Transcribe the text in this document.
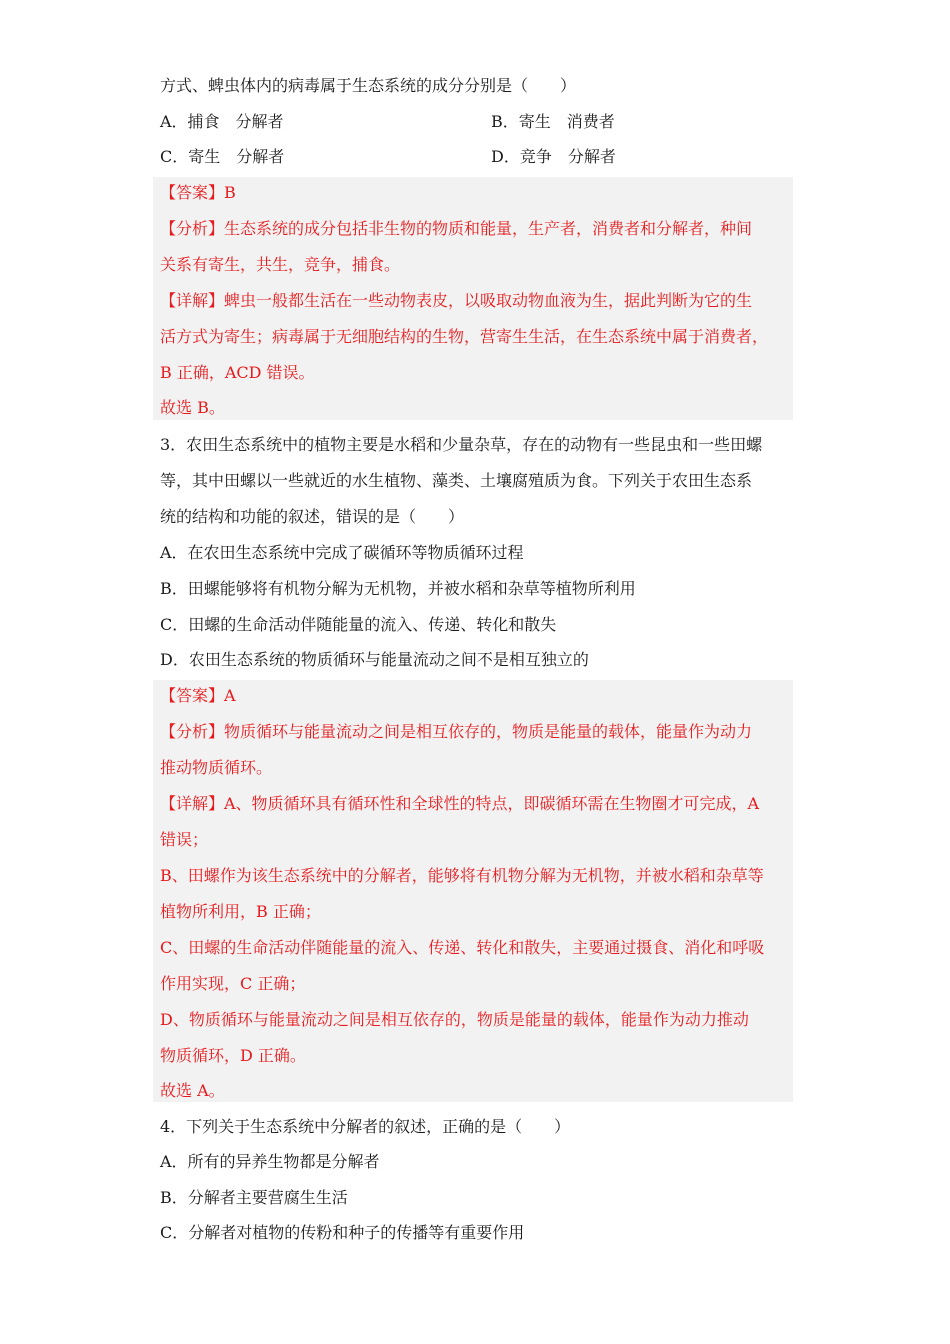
方式、蜱虫体内的病毒属于生态系统的成分分别是（　　）
A．捕食　分解者	B．寄生　消费者
C．寄生　分解者	D．竞争　分解者
【答案】B
【分析】生态系统的成分包括非生物的物质和能量，生产者，消费者和分解者，种间
关系有寄生，共生，竞争，捕食。
【详解】蜱虫一般都生活在一些动物表皮，以吸取动物血液为生，据此判断为它的生
活方式为寄生；病毒属于无细胞结构的生物，营寄生生活，在生态系统中属于消费者，
B 正确，ACD 错误。
故选 B。
3．农田生态系统中的植物主要是水稻和少量杂草，存在的动物有一些昆虫和一些田螺
等，其中田螺以一些就近的水生植物、藻类、土壤腐殖质为食。下列关于农田生态系
统的结构和功能的叙述，错误的是（　　）
A．在农田生态系统中完成了碳循环等物质循环过程
B．田螺能够将有机物分解为无机物，并被水稻和杂草等植物所利用
C．田螺的生命活动伴随能量的流入、传递、转化和散失
D．农田生态系统的物质循环与能量流动之间不是相互独立的
【答案】A
【分析】物质循环与能量流动之间是相互依存的，物质是能量的载体，能量作为动力
推动物质循环。
【详解】A、物质循环具有循环性和全球性的特点，即碳循环需在生物圈才可完成，A
错误；
B、田螺作为该生态系统中的分解者，能够将有机物分解为无机物，并被水稻和杂草等
植物所利用，B 正确；
C、田螺的生命活动伴随能量的流入、传递、转化和散失，主要通过摄食、消化和呼吸
作用实现，C 正确；
D、物质循环与能量流动之间是相互依存的，物质是能量的载体，能量作为动力推动
物质循环，D 正确。
故选 A。
4．下列关于生态系统中分解者的叙述，正确的是（　　）
A．所有的异养生物都是分解者
B．分解者主要营腐生生活
C．分解者对植物的传粉和种子的传播等有重要作用
